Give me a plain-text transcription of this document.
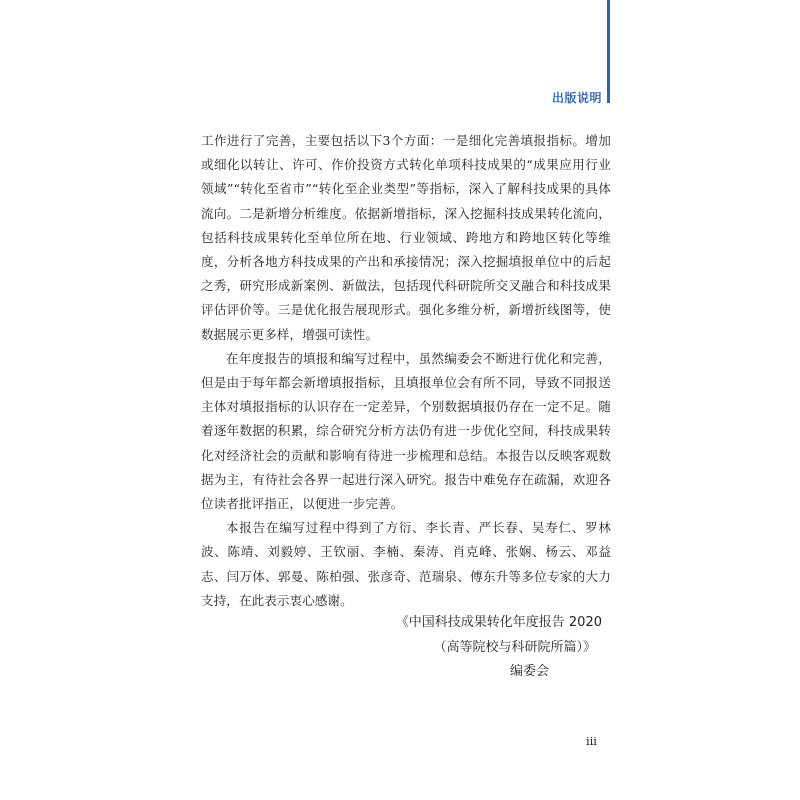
出版说明

工作进行了完善，主要包括以下3个方面：一是细化完善填报指标。增加或细化以转让、许可、作价投资方式转化单项科技成果的“成果应用行业领域”“转化至省市”“转化至企业类型”等指标，深入了解科技成果的具体流向。二是新增分析维度。依据新增指标，深入挖掘科技成果转化流向，包括科技成果转化至单位所在地、行业领域、跨地方和跨地区转化等维度，分析各地方科技成果的产出和承接情况；深入挖掘填报单位中的后起之秀，研究形成新案例、新做法，包括现代科研院所交叉融合和科技成果评估评价等。三是优化报告展现形式。强化多维分析，新增折线图等，使数据展示更多样，增强可读性。

在年度报告的填报和编写过程中，虽然编委会不断进行优化和完善，但是由于每年都会新增填报指标，且填报单位会有所不同，导致不同报送主体对填报指标的认识存在一定差异，个别数据填报仍存在一定不足。随着逐年数据的积累，综合研究分析方法仍有进一步优化空间，科技成果转化对经济社会的贡献和影响有待进一步梳理和总结。本报告以反映客观数据为主，有待社会各界一起进行深入研究。报告中难免存在疏漏，欢迎各位读者批评指正，以便进一步完善。

本报告在编写过程中得到了方衍、李长青、严长春、吴寿仁、罗林波、陈靖、刘毅婷、王钦丽、李楠、秦涛、肖克峰、张娴、杨云、邓益志、闫万体、郭曼、陈柏强、张彦奇、范瑞泉、傅东升等多位专家的大力支持，在此表示衷心感谢。

《中国科技成果转化年度报告 2020
（高等院校与科研院所篇）》
编委会
iii
